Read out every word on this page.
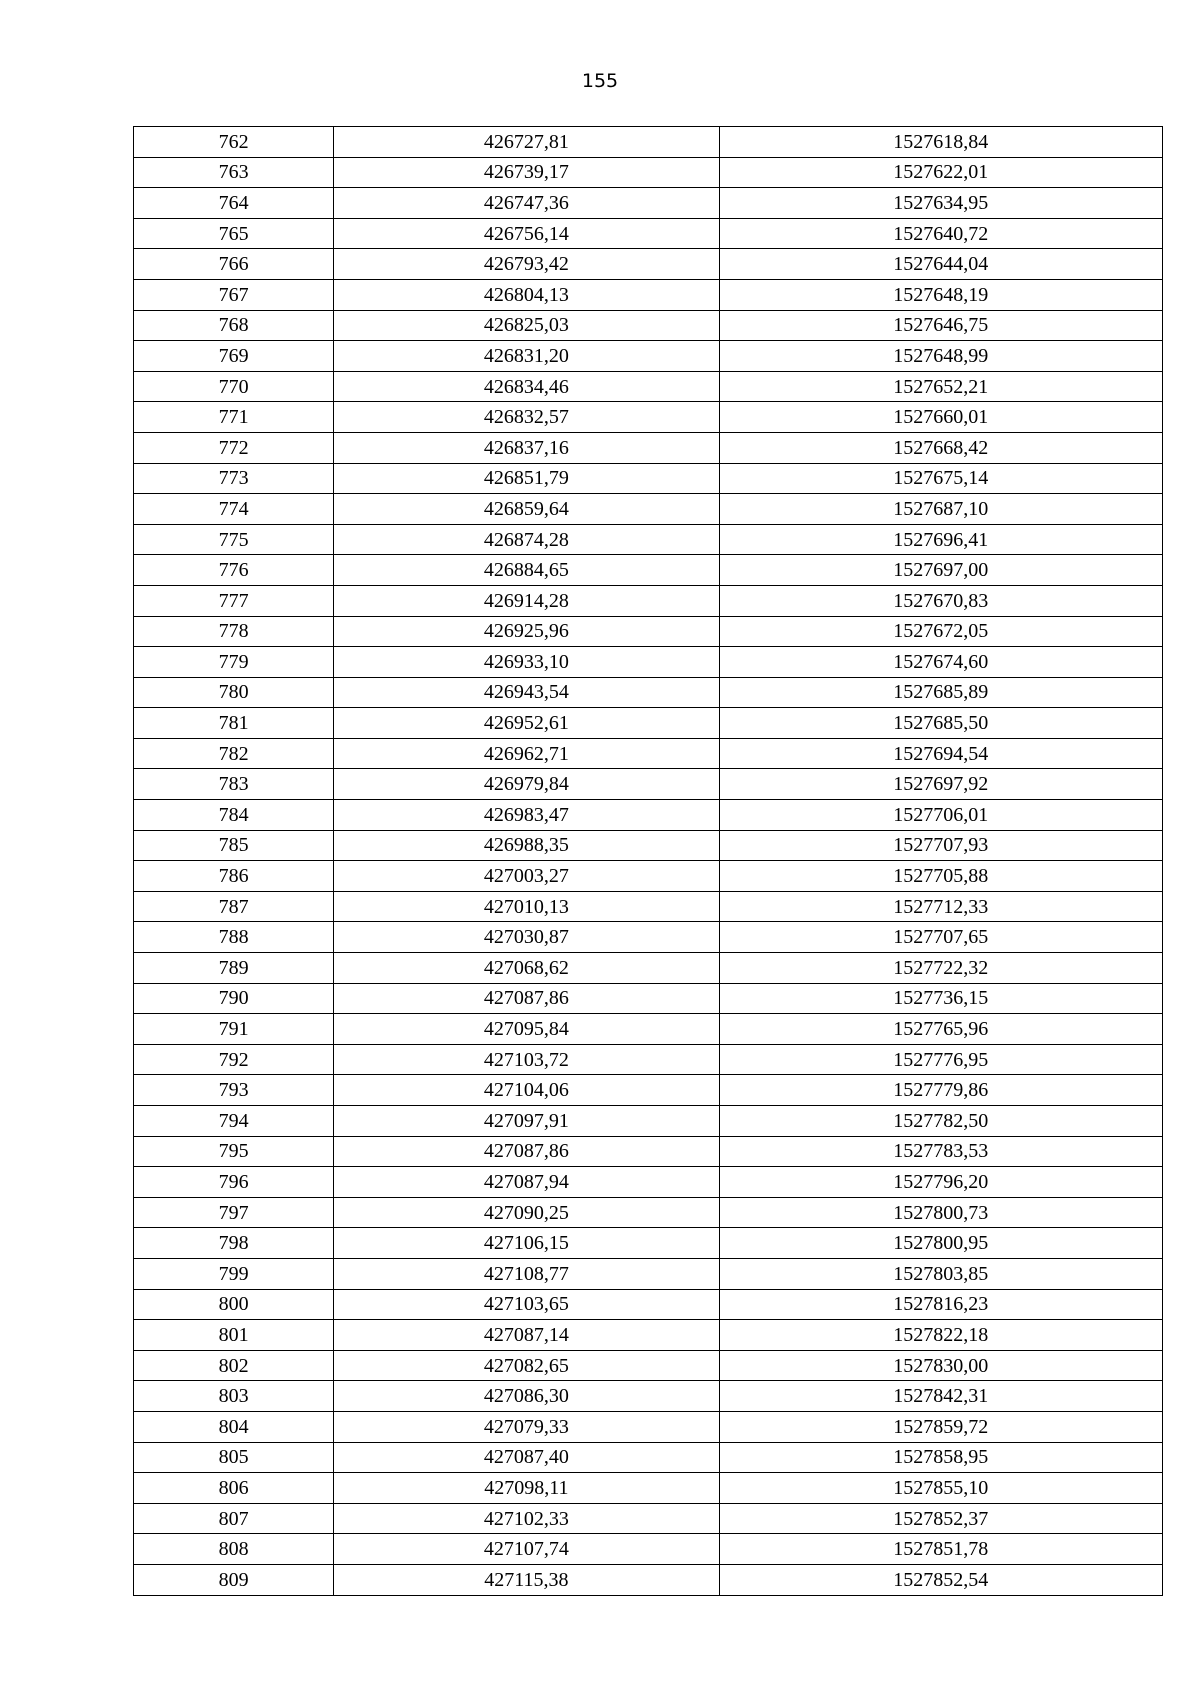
155
762	426727,81	1527618,84
763	426739,17	1527622,01
764	426747,36	1527634,95
765	426756,14	1527640,72
766	426793,42	1527644,04
767	426804,13	1527648,19
768	426825,03	1527646,75
769	426831,20	1527648,99
770	426834,46	1527652,21
771	426832,57	1527660,01
772	426837,16	1527668,42
773	426851,79	1527675,14
774	426859,64	1527687,10
775	426874,28	1527696,41
776	426884,65	1527697,00
777	426914,28	1527670,83
778	426925,96	1527672,05
779	426933,10	1527674,60
780	426943,54	1527685,89
781	426952,61	1527685,50
782	426962,71	1527694,54
783	426979,84	1527697,92
784	426983,47	1527706,01
785	426988,35	1527707,93
786	427003,27	1527705,88
787	427010,13	1527712,33
788	427030,87	1527707,65
789	427068,62	1527722,32
790	427087,86	1527736,15
791	427095,84	1527765,96
792	427103,72	1527776,95
793	427104,06	1527779,86
794	427097,91	1527782,50
795	427087,86	1527783,53
796	427087,94	1527796,20
797	427090,25	1527800,73
798	427106,15	1527800,95
799	427108,77	1527803,85
800	427103,65	1527816,23
801	427087,14	1527822,18
802	427082,65	1527830,00
803	427086,30	1527842,31
804	427079,33	1527859,72
805	427087,40	1527858,95
806	427098,11	1527855,10
807	427102,33	1527852,37
808	427107,74	1527851,78
809	427115,38	1527852,54
